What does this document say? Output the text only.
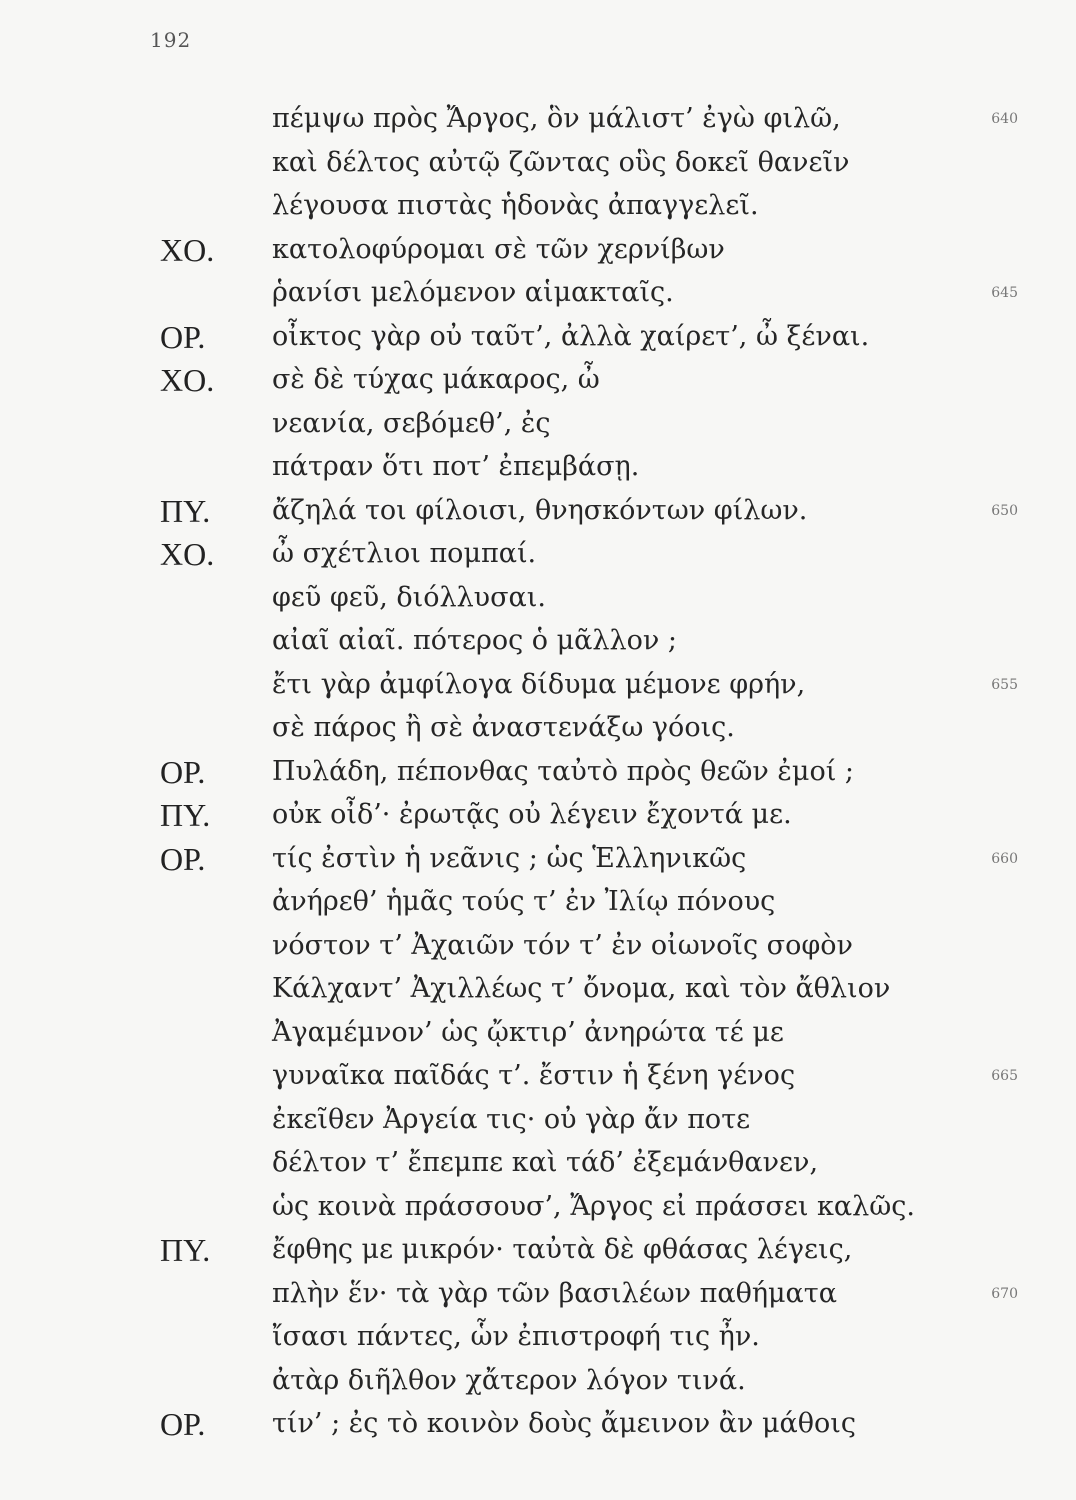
192
πέμψω πρὸς Ἄργος, ὃν μάλιστ’ ἐγὼ φιλῶ,	640
καὶ δέλτος αὐτῷ ζῶντας οὓς δοκεῖ θανεῖν
λέγουσα πιστὰς ἡδονὰς ἀπαγγελεῖ.
ΧΟ. κατολοφύρομαι σὲ τῶν χερνίβων
ῥανίσι μελόμενον αἱμακταῖς.	645
ΟΡ. οἶκτος γὰρ οὐ ταῦτ’, ἀλλὰ χαίρετ’, ὦ ξέναι.
ΧΟ. σὲ δὲ τύχας μάκαρος, ὦ
νεανία, σεβόμεθ’, ἐς
πάτραν ὅτι ποτ’ ἐπεμβάσῃ.
ΠΥ. ἄζηλά τοι φίλοισι, θνησκόντων φίλων.	650
ΧΟ. ὦ σχέτλιοι πομπαί.
φεῦ φεῦ, διόλλυσαι.
αἰαῖ αἰαῖ. πότερος ὁ μᾶλλον ;
ἔτι γὰρ ἀμφίλογα δίδυμα μέμονε φρήν,	655
σὲ πάρος ἢ σὲ ἀναστενάξω γόοις.
ΟΡ. Πυλάδη, πέπονθας ταὐτὸ πρὸς θεῶν ἐμοί ;
ΠΥ. οὐκ οἶδ’· ἐρωτᾷς οὐ λέγειν ἔχοντά με.
ΟΡ. τίς ἐστὶν ἡ νεᾶνις ; ὡς Ἑλληνικῶς	660
ἀνήρεθ’ ἡμᾶς τούς τ’ ἐν Ἰλίῳ πόνους
νόστον τ’ Ἀχαιῶν τόν τ’ ἐν οἰωνοῖς σοφὸν
Κάλχαντ’ Ἀχιλλέως τ’ ὄνομα, καὶ τὸν ἄθλιον
Ἀγαμέμνον’ ὡς ᾤκτιρ’ ἀνηρώτα τέ με
γυναῖκα παῖδάς τ’. ἔστιν ἡ ξένη γένος	665
ἐκεῖθεν Ἀργεία τις· οὐ γὰρ ἄν ποτε
δέλτον τ’ ἔπεμπε καὶ τάδ’ ἐξεμάνθανεν,
ὡς κοινὰ πράσσουσ’, Ἄργος εἰ πράσσει καλῶς.
ΠΥ. ἔφθης με μικρόν· ταὐτὰ δὲ φθάσας λέγεις,
πλὴν ἕν· τὰ γὰρ τῶν βασιλέων παθήματα	670
ἴσασι πάντες, ὧν ἐπιστροφή τις ἦν.
ἀτὰρ διῆλθον χἄτερον λόγον τινά.
ΟΡ. τίν’ ; ἐς τὸ κοινὸν δοὺς ἄμεινον ἂν μάθοις
